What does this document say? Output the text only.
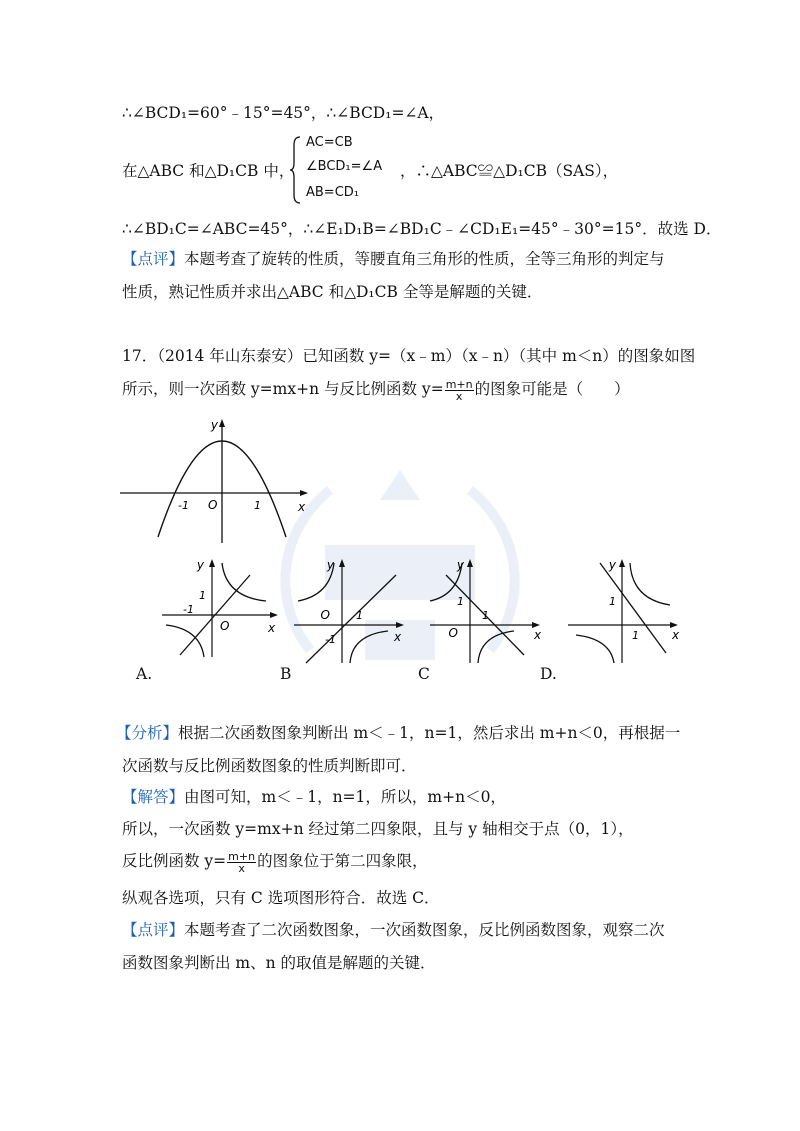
∴∠BCD₁=60°﹣15°=45°，∴∠BCD₁=∠A，
在△ABC 和△D₁CB 中，
AC=CB
∠BCD₁=∠A
AB=CD₁
，∴△ABC≌△D₁CB（SAS），
∴∠BD₁C=∠ABC=45°，∴∠E₁D₁B=∠BD₁C﹣∠CD₁E₁=45°﹣30°=15°．故选 D．
【点评】本题考查了旋转的性质，等腰直角三角形的性质，全等三角形的判定与
性质，熟记性质并求出△ABC 和△D₁CB 全等是解题的关键．
17．（2014 年山东泰安）已知函数 y=（x﹣m）（x﹣n）（其中 m＜n）的图象如图
所示，则一次函数 y=mx+n 与反比例函数 $y= \frac{m+n}{x}$ 的图象可能是（　　）
y
x
O
-1	1
y
x
O
1
-1
y
x
O 1
-1
y
x
O
1
1
y
x
1
1
A.	B	C	D.
【分析】根据二次函数图象判断出 m＜﹣1，n=1，然后求出 m+n＜0，再根据一
次函数与反比例函数图象的性质判断即可．
【解答】由图可知，m＜﹣1，n=1，所以，m+n＜0，
所以，一次函数 y=mx+n 经过第二四象限，且与 y 轴相交于点（0，1），
反比例函数 $y= \frac{m+n}{x}$ 的图象位于第二四象限，
纵观各选项，只有 C 选项图形符合．故选 C．
【点评】本题考查了二次函数图象，一次函数图象，反比例函数图象，观察二次
函数图象判断出 m、n 的取值是解题的关键．
